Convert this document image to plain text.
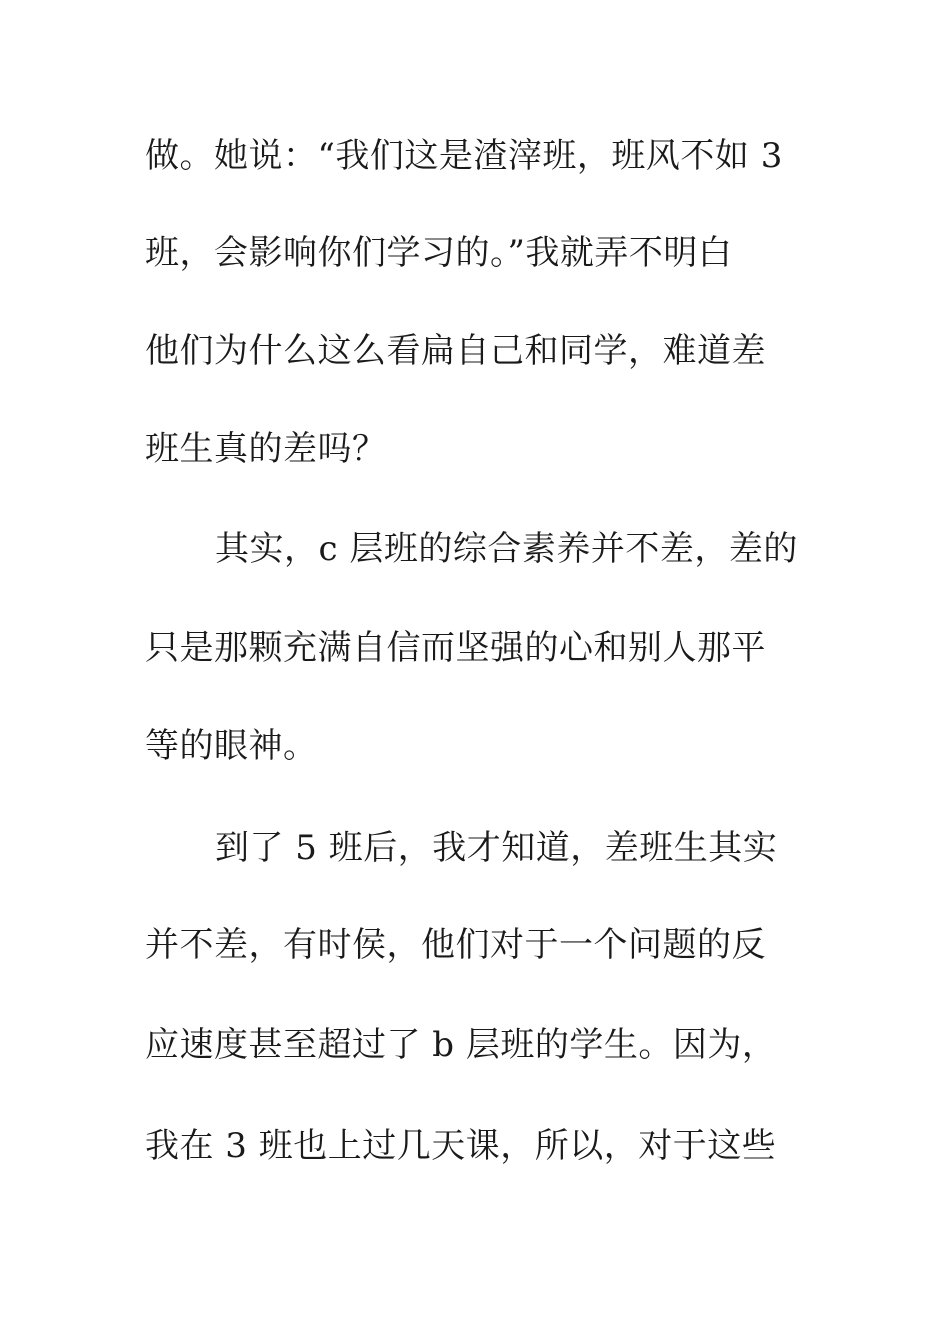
做。她说：“我们这是渣滓班，班风不如 3
班，会影响你们学习的。”我就弄不明白
他们为什么这么看扁自己和同学，难道差
班生真的差吗？
其实，c 层班的综合素养并不差，差的
只是那颗充满自信而坚强的心和别人那平
等的眼神。
到了 5 班后，我才知道，差班生其实
并不差，有时侯，他们对于一个问题的反
应速度甚至超过了 b 层班的学生。因为，
我在 3 班也上过几天课，所以，对于这些
